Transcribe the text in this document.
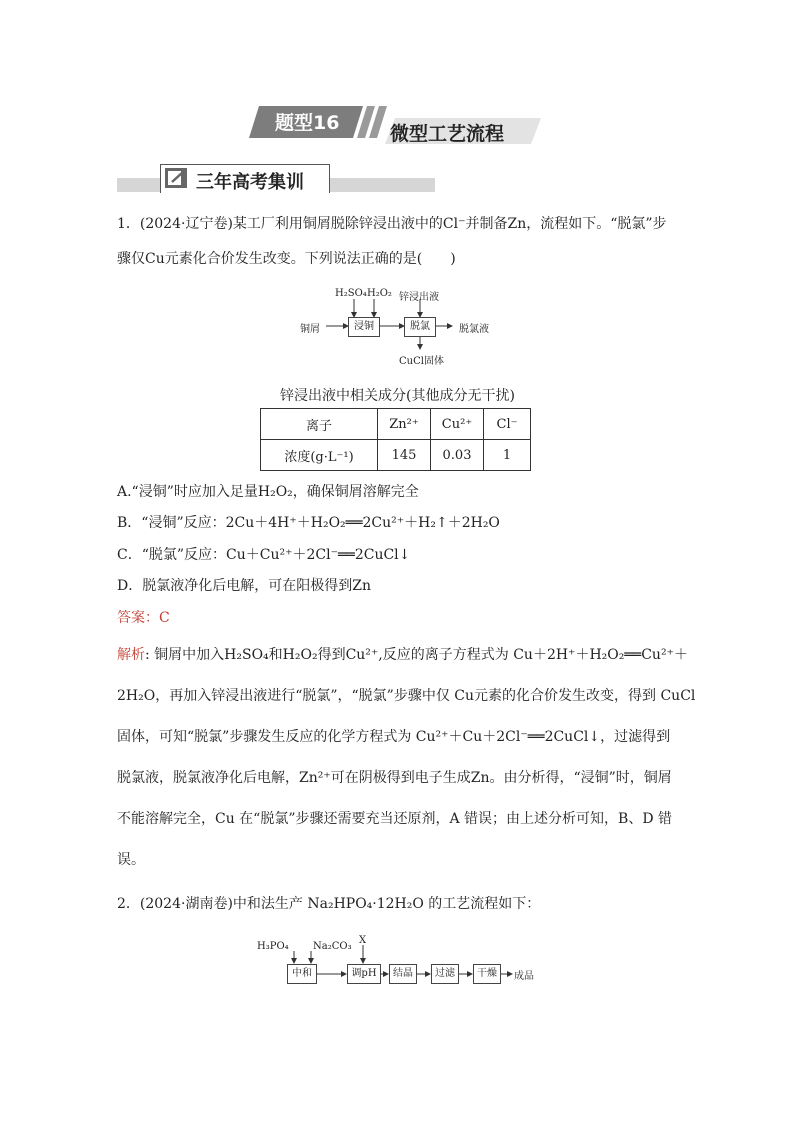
题型16	微型工艺流程
三年高考集训
1．(2024·辽宁卷)某工厂利用铜屑脱除锌浸出液中的Cl⁻并制备Zn，流程如下。“脱氯”步
骤仅Cu元素化合价发生改变。下列说法正确的是(　　)
H₂SO₄ H₂O₂ 锌浸出液
铜屑	浸铜	脱氯	脱氯液
CuCl固体
锌浸出液中相关成分(其他成分无干扰)
离子	Zn²⁺	Cu²⁺	Cl⁻
浓度(g·L⁻¹)	145	0.03	1
A.“浸铜”时应加入足量H₂O₂，确保铜屑溶解完全
B．“浸铜”反应：2Cu＋4H⁺＋H₂O₂══2Cu²⁺＋H₂↑＋2H₂O
C．“脱氯”反应：Cu＋Cu²⁺＋2Cl⁻══2CuCl↓
D．脱氯液净化后电解，可在阳极得到Zn
答案：C
解析: 铜屑中加入H₂SO₄和H₂O₂得到Cu²⁺,反应的离子方程式为 Cu＋2H⁺＋H₂O₂══Cu²⁺＋
2H₂O，再加入锌浸出液进行“脱氯”，“脱氯”步骤中仅 Cu元素的化合价发生改变，得到 CuCl
固体，可知“脱氯”步骤发生反应的化学方程式为 Cu²⁺＋Cu＋2Cl⁻══2CuCl↓，过滤得到
脱氯液，脱氯液净化后电解，Zn²⁺可在阴极得到电子生成Zn。由分析得，“浸铜”时，铜屑
不能溶解完全，Cu 在“脱氯”步骤还需要充当还原剂，A 错误；由上述分析可知，B、D 错
误。
2．(2024·湖南卷)中和法生产 Na₂HPO₄·12H₂O 的工艺流程如下：
H₃PO₄ Na₂CO₃
X
中和	调pH	结晶	过滤	干燥	成品
